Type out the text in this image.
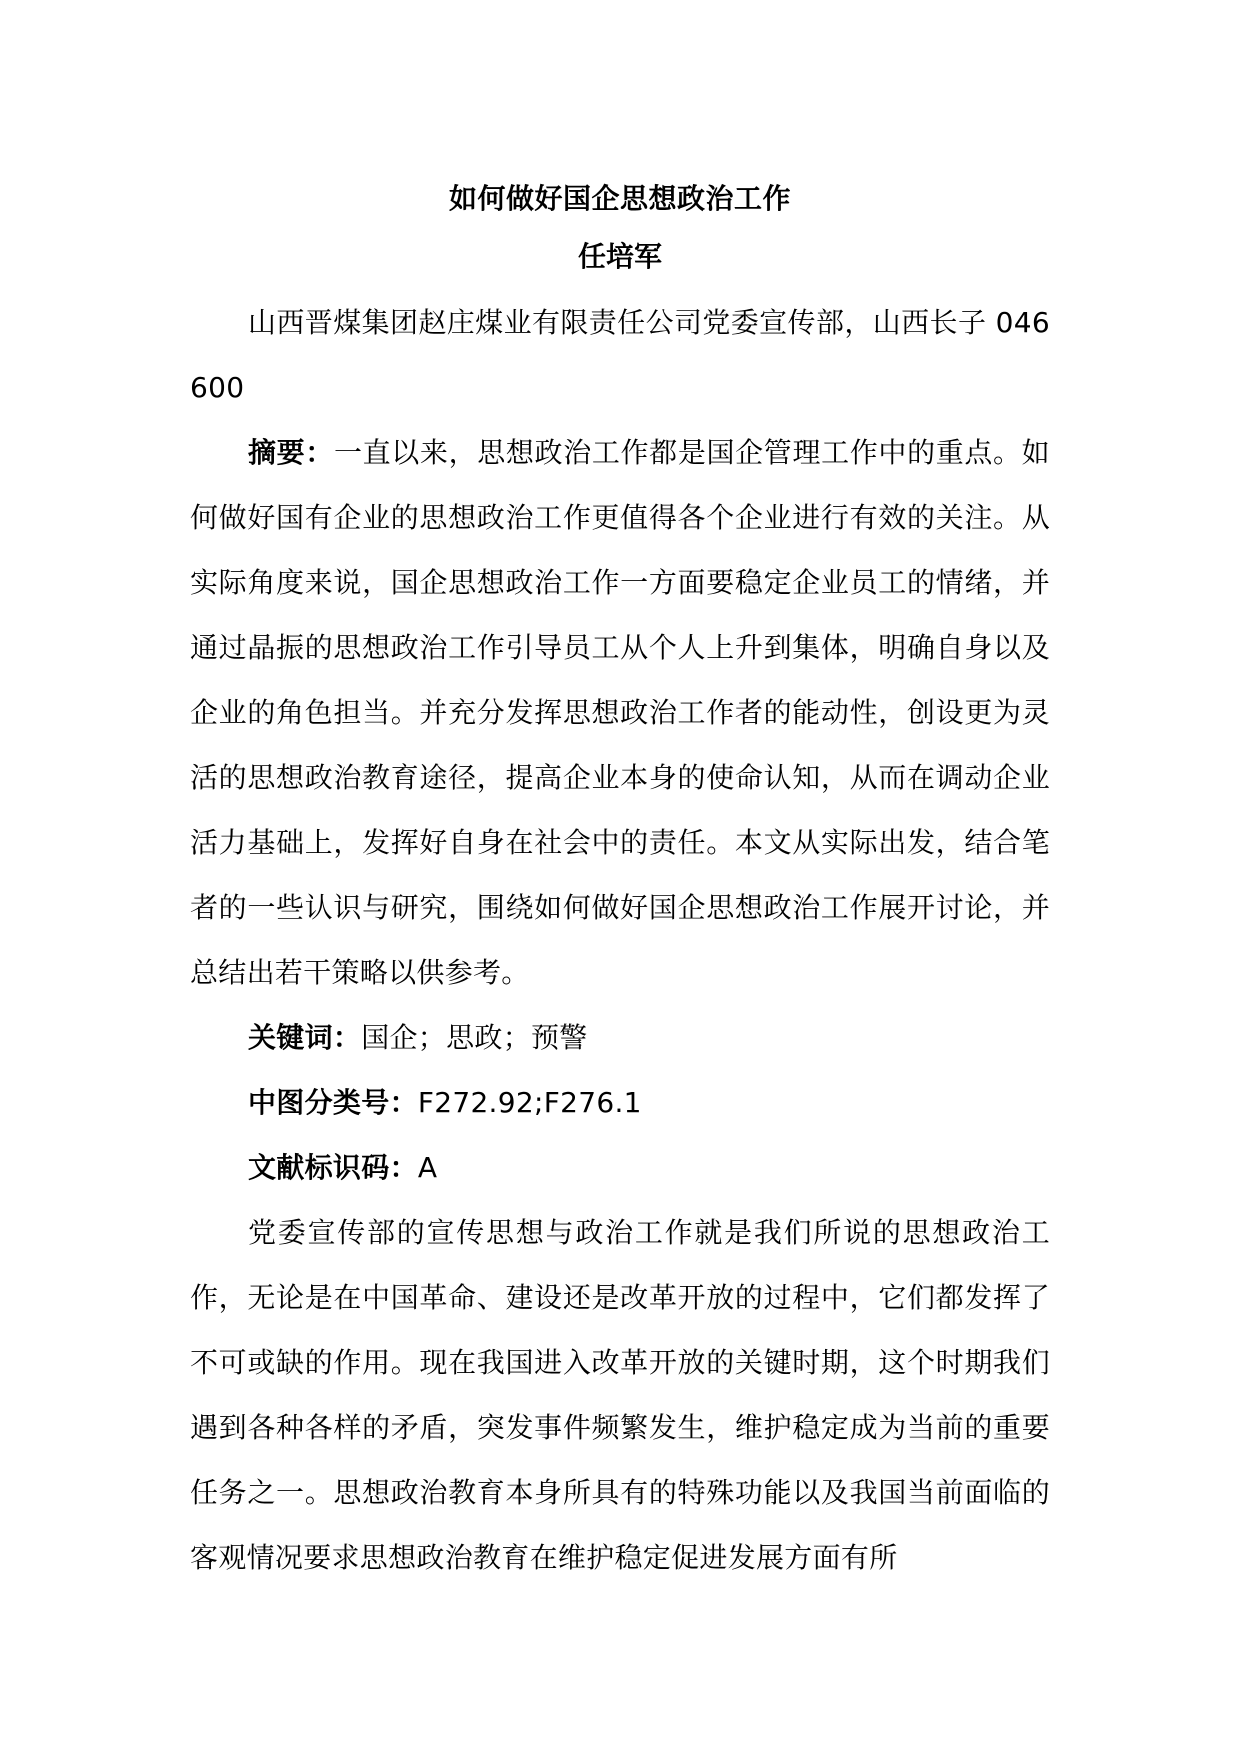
如何做好国企思想政治工作
任培军

山西晋煤集团赵庄煤业有限责任公司党委宣传部，山西长子 046600

摘要：一直以来，思想政治工作都是国企管理工作中的重点。如何做好国有企业的思想政治工作更值得各个企业进行有效的关注。从实际角度来说，国企思想政治工作一方面要稳定企业员工的情绪，并通过晶振的思想政治工作引导员工从个人上升到集体，明确自身以及企业的角色担当。并充分发挥思想政治工作者的能动性，创设更为灵活的思想政治教育途径，提高企业本身的使命认知，从而在调动企业活力基础上，发挥好自身在社会中的责任。本文从实际出发，结合笔者的一些认识与研究，围绕如何做好国企思想政治工作展开讨论，并总结出若干策略以供参考。

关键词：国企；思政；预警

中图分类号：F272.92;F276.1

文献标识码：A

党委宣传部的宣传思想与政治工作就是我们所说的思想政治工作，无论是在中国革命、建设还是改革开放的过程中，它们都发挥了不可或缺的作用。现在我国进入改革开放的关键时期，这个时期我们遇到各种各样的矛盾，突发事件频繁发生，维护稳定成为当前的重要任务之一。思想政治教育本身所具有的特殊功能以及我国当前面临的客观情况要求思想政治教育在维护稳定促进发展方面有所
